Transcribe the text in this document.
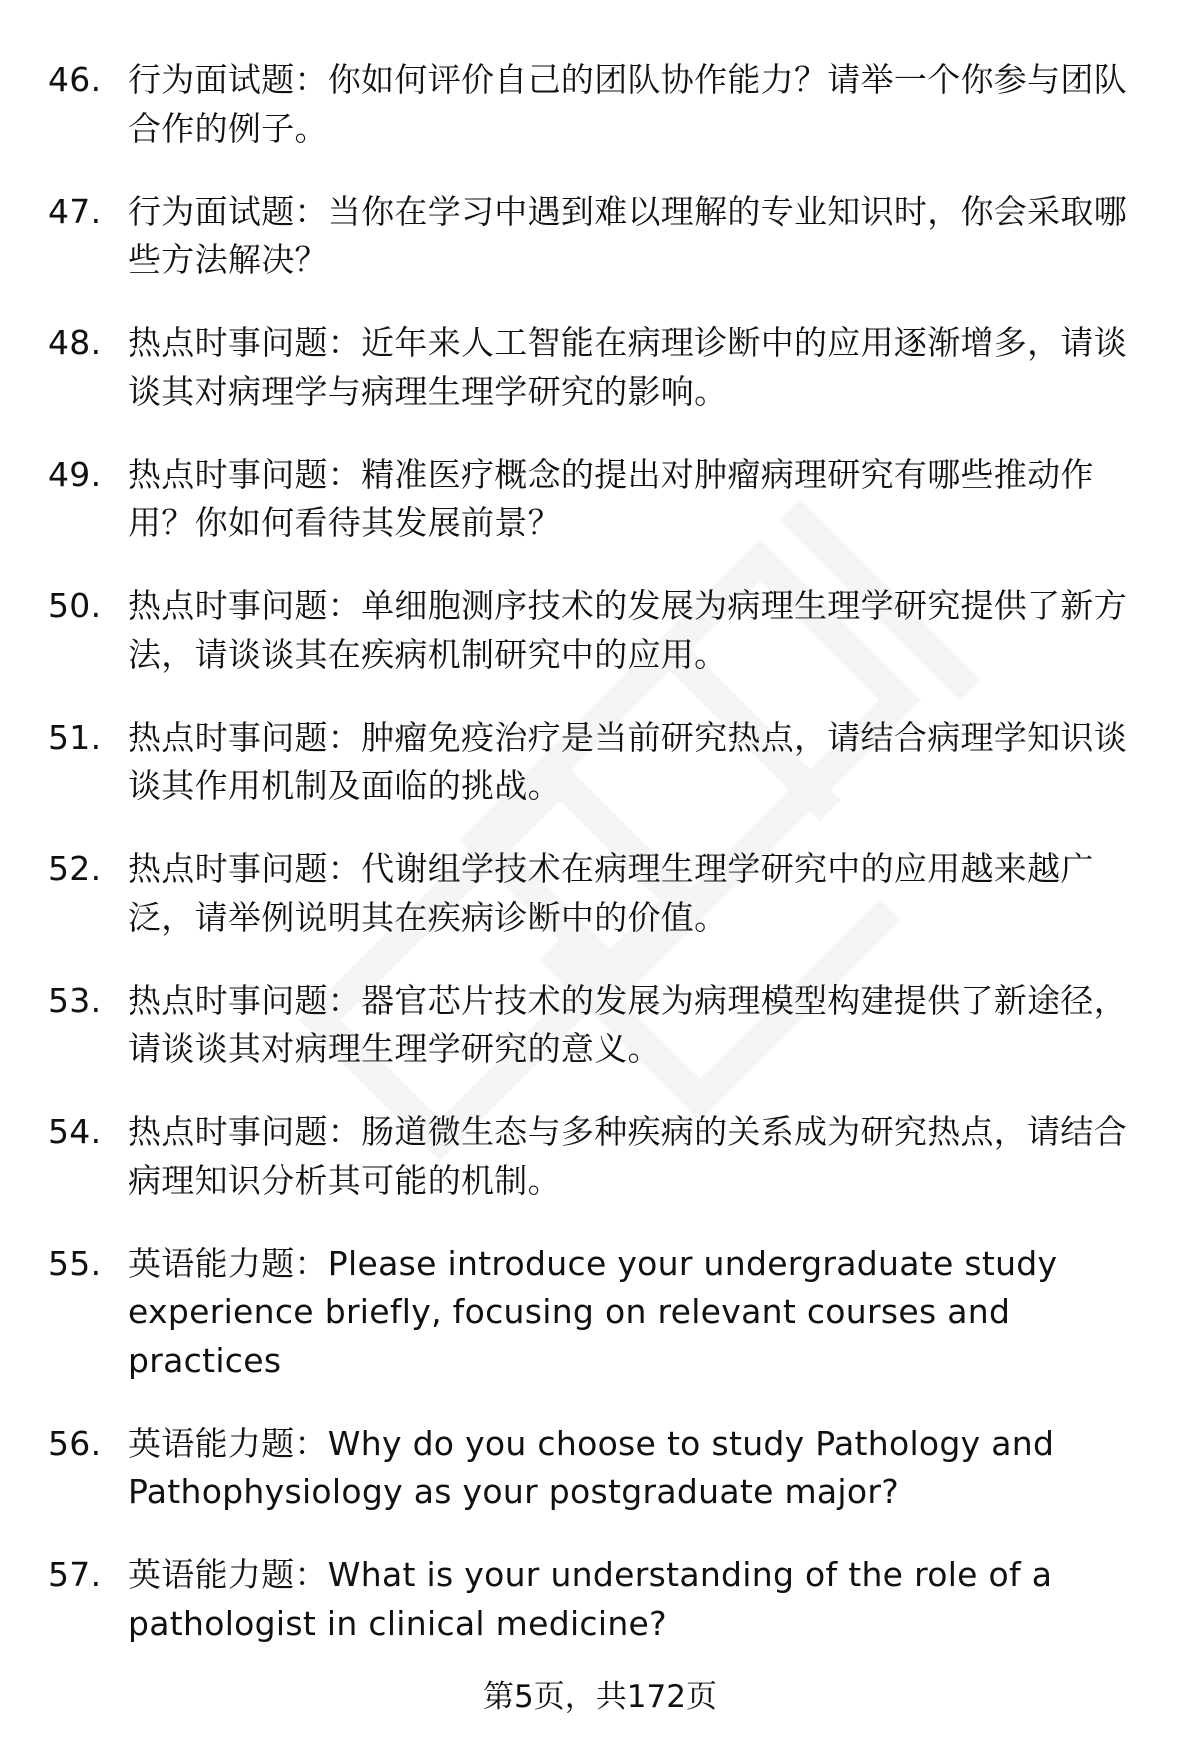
46. 行为面试题：你如何评价自己的团队协作能力？请举一个你参与团队合作的例子。
47. 行为面试题：当你在学习中遇到难以理解的专业知识时，你会采取哪些方法解决？
48. 热点时事问题：近年来人工智能在病理诊断中的应用逐渐增多，请谈谈其对病理学与病理生理学研究的影响。
49. 热点时事问题：精准医疗概念的提出对肿瘤病理研究有哪些推动作用？你如何看待其发展前景？
50. 热点时事问题：单细胞测序技术的发展为病理生理学研究提供了新方法，请谈谈其在疾病机制研究中的应用。
51. 热点时事问题：肿瘤免疫治疗是当前研究热点，请结合病理学知识谈谈其作用机制及面临的挑战。
52. 热点时事问题：代谢组学技术在病理生理学研究中的应用越来越广泛，请举例说明其在疾病诊断中的价值。
53. 热点时事问题：器官芯片技术的发展为病理模型构建提供了新途径，请谈谈其对病理生理学研究的意义。
54. 热点时事问题：肠道微生态与多种疾病的关系成为研究热点，请结合病理知识分析其可能的机制。
55. 英语能力题：Please introduce your undergraduate study experience briefly, focusing on relevant courses and practices
56. 英语能力题：Why do you choose to study Pathology and Pathophysiology as your postgraduate major?
57. 英语能力题：What is your understanding of the role of a pathologist in clinical medicine?
第5页，共172页
